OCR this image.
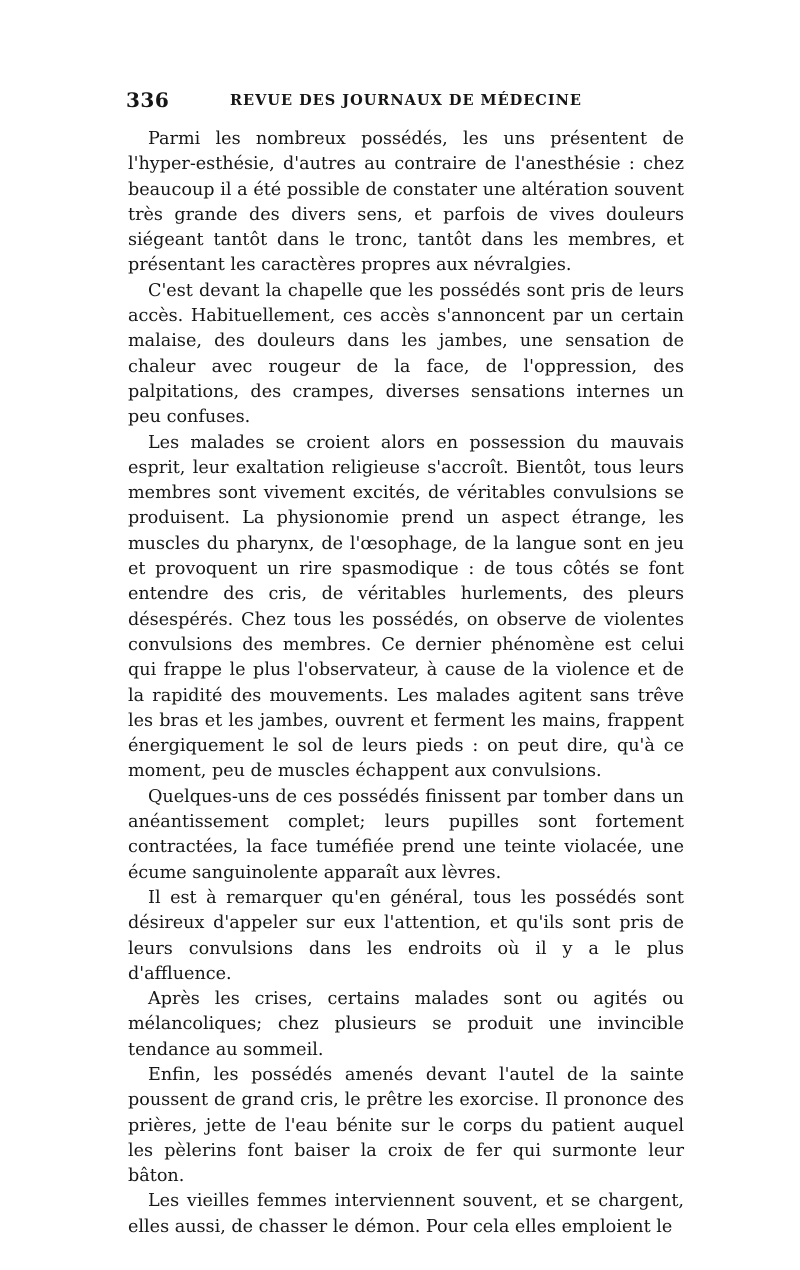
336	REVUE DES JOURNAUX DE MÉDECINE

Parmi les nombreux possédés, les uns présentent de l'hyper-esthésie, d'autres au contraire de l'anesthésie : chez beaucoup il a été possible de constater une altération souvent très grande des divers sens, et parfois de vives douleurs siégeant tantôt dans le tronc, tantôt dans les membres, et présentant les caractères propres aux névralgies.

C'est devant la chapelle que les possédés sont pris de leurs accès. Habituellement, ces accès s'annoncent par un certain malaise, des douleurs dans les jambes, une sensation de chaleur avec rougeur de la face, de l'oppression, des palpitations, des crampes, diverses sensations internes un peu confuses.

Les malades se croient alors en possession du mauvais esprit, leur exaltation religieuse s'accroît. Bientôt, tous leurs membres sont vivement excités, de véritables convulsions se produisent. La physionomie prend un aspect étrange, les muscles du pharynx, de l'œsophage, de la langue sont en jeu et provoquent un rire spasmodique : de tous côtés se font entendre des cris, de véritables hurlements, des pleurs désespérés. Chez tous les possédés, on observe de violentes convulsions des membres. Ce dernier phénomène est celui qui frappe le plus l'observateur, à cause de la violence et de la rapidité des mouvements. Les malades agitent sans trêve les bras et les jambes, ouvrent et ferment les mains, frappent énergiquement le sol de leurs pieds : on peut dire, qu'à ce moment, peu de muscles échappent aux convulsions.

Quelques-uns de ces possédés finissent par tomber dans un anéantissement complet; leurs pupilles sont fortement contractées, la face tuméfiée prend une teinte violacée, une écume sanguinolente apparaît aux lèvres.

Il est à remarquer qu'en général, tous les possédés sont désireux d'appeler sur eux l'attention, et qu'ils sont pris de leurs convulsions dans les endroits où il y a le plus d'affluence.

Après les crises, certains malades sont ou agités ou mélancoliques; chez plusieurs se produit une invincible tendance au sommeil.

Enfin, les possédés amenés devant l'autel de la sainte poussent de grand cris, le prêtre les exorcise. Il prononce des prières, jette de l'eau bénite sur le corps du patient auquel les pèlerins font baiser la croix de fer qui surmonte leur bâton.

Les vieilles femmes interviennent souvent, et se chargent, elles aussi, de chasser le démon. Pour cela elles emploient le
